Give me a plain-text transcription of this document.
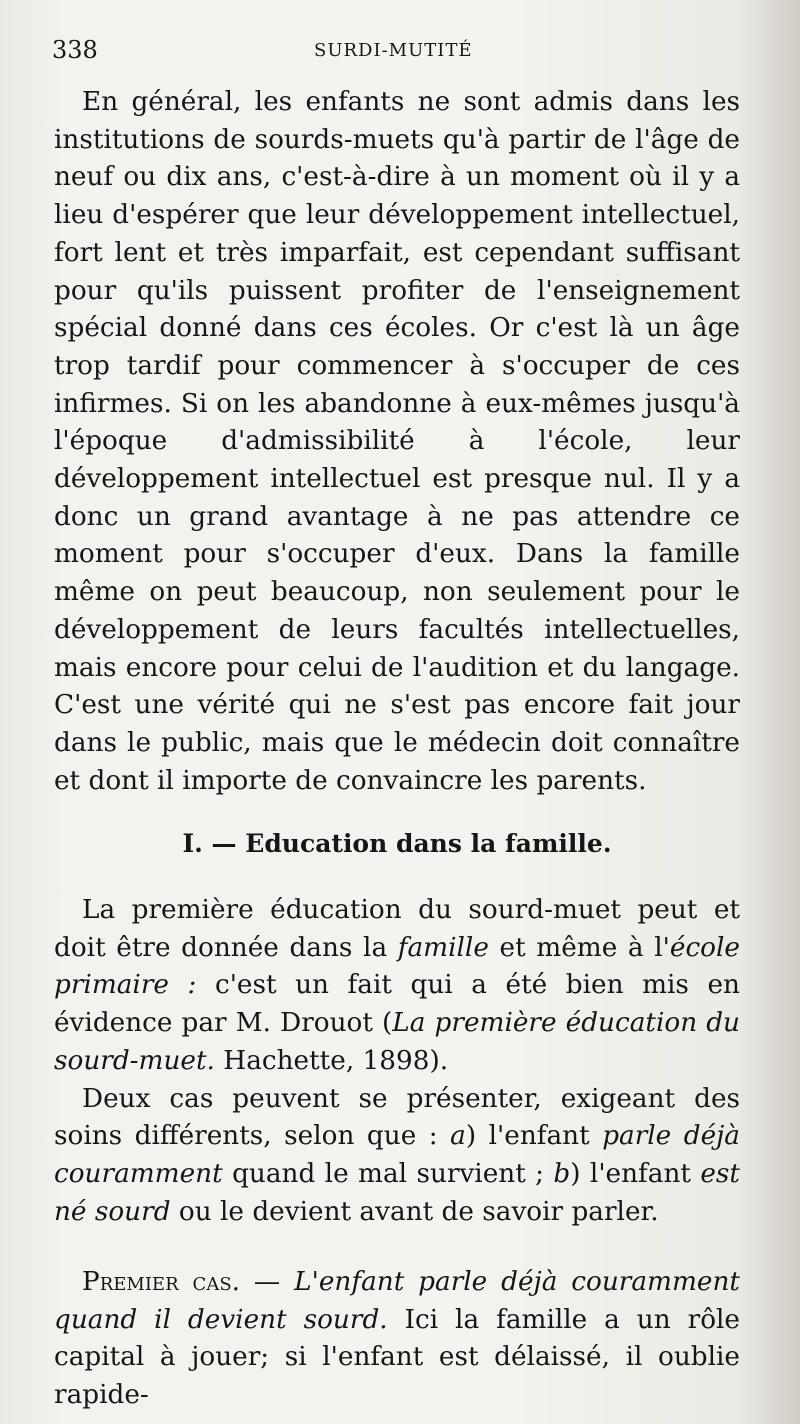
338	SURDI-MUTITÉ

En général, les enfants ne sont admis dans les institutions de sourds-muets qu'à partir de l'âge de neuf ou dix ans, c'est-à-dire à un moment où il y a lieu d'espérer que leur développement intellectuel, fort lent et très imparfait, est cependant suffisant pour qu'ils puissent profiter de l'enseignement spécial donné dans ces écoles. Or c'est là un âge trop tardif pour commencer à s'occuper de ces infirmes. Si on les abandonne à eux-mêmes jusqu'à l'époque d'admissibilité à l'école, leur développement intellectuel est presque nul. Il y a donc un grand avantage à ne pas attendre ce moment pour s'occuper d'eux. Dans la famille même on peut beaucoup, non seulement pour le développement de leurs facultés intellectuelles, mais encore pour celui de l'audition et du langage. C'est une vérité qui ne s'est pas encore fait jour dans le public, mais que le médecin doit connaître et dont il importe de convaincre les parents.

I. — Education dans la famille.

La première éducation du sourd-muet peut et doit être donnée dans la famille et même à l'école primaire : c'est un fait qui a été bien mis en évidence par M. Drouot (La première éducation du sourd-muet. Hachette, 1898).

Deux cas peuvent se présenter, exigeant des soins différents, selon que : a) l'enfant parle déjà couramment quand le mal survient ; b) l'enfant est né sourd ou le devient avant de savoir parler.

Premier cas. — L'enfant parle déjà couramment quand il devient sourd. Ici la famille a un rôle capital à jouer; si l'enfant est délaissé, il oublie rapide-
